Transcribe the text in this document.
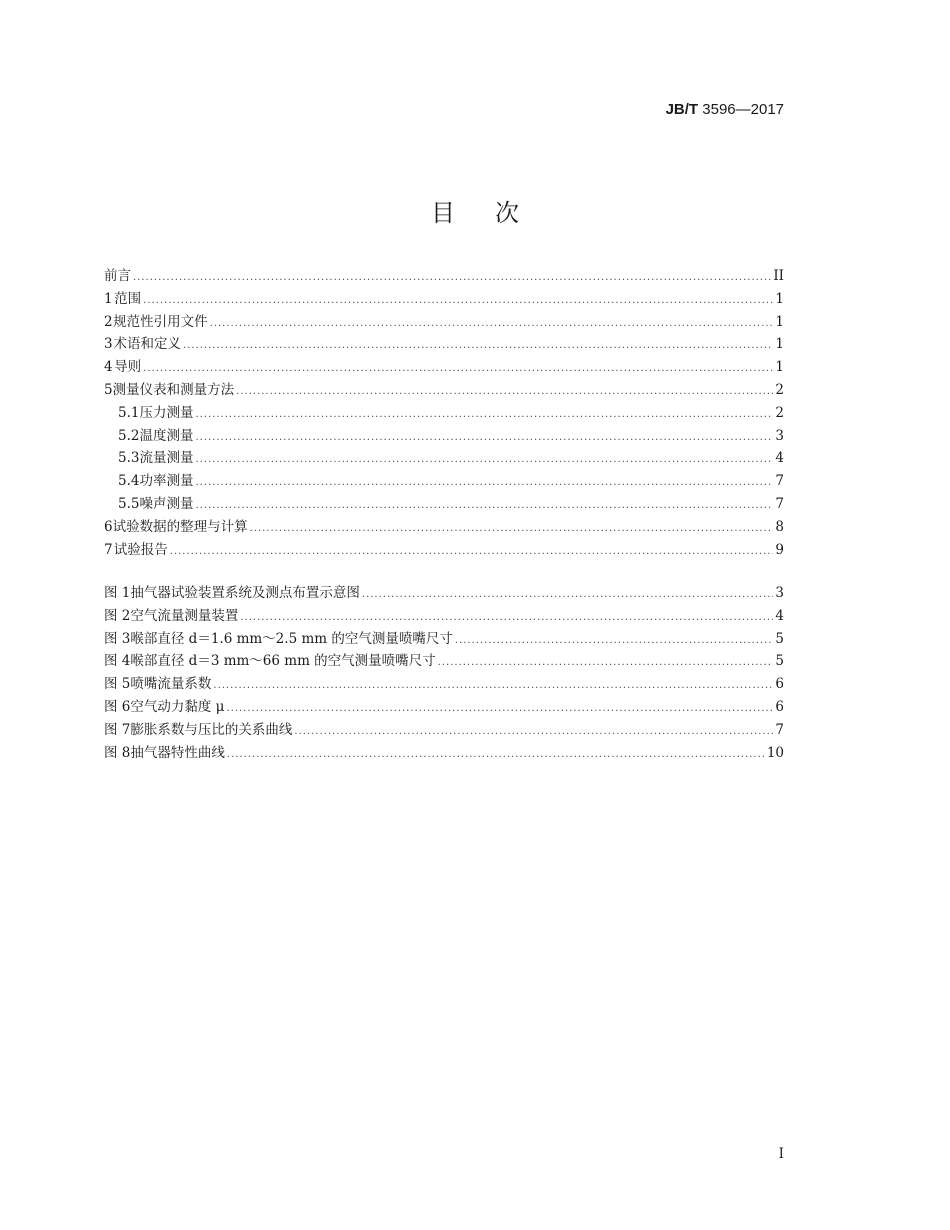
JB/T 3596—2017
目次
前言 .....	II
1 范围 .....	1
2 规范性引用文件 .....	1
3 术语和定义 .....	1
4 导则 .....	1
5 测量仪表和测量方法 .....	2
5.1 压力测量 .....	2
5.2 温度测量 .....	3
5.3 流量测量 .....	4
5.4 功率测量 .....	7
5.5 噪声测量 .....	7
6 试验数据的整理与计算 .....	8
7 试验报告 .....	9
图 1 抽气器试验装置系统及测点布置示意图 .....	3
图 2 空气流量测量装置 .....	4
图 3 喉部直径 d＝1.6 mm～2.5 mm 的空气测量喷嘴尺寸 .....	5
图 4 喉部直径 d＝3 mm～66 mm 的空气测量喷嘴尺寸 .....	5
图 5 喷嘴流量系数 .....	6
图 6 空气动力黏度 μ .....	6
图 7 膨胀系数与压比的关系曲线 .....	7
图 8 抽气器特性曲线 .....	10
I
